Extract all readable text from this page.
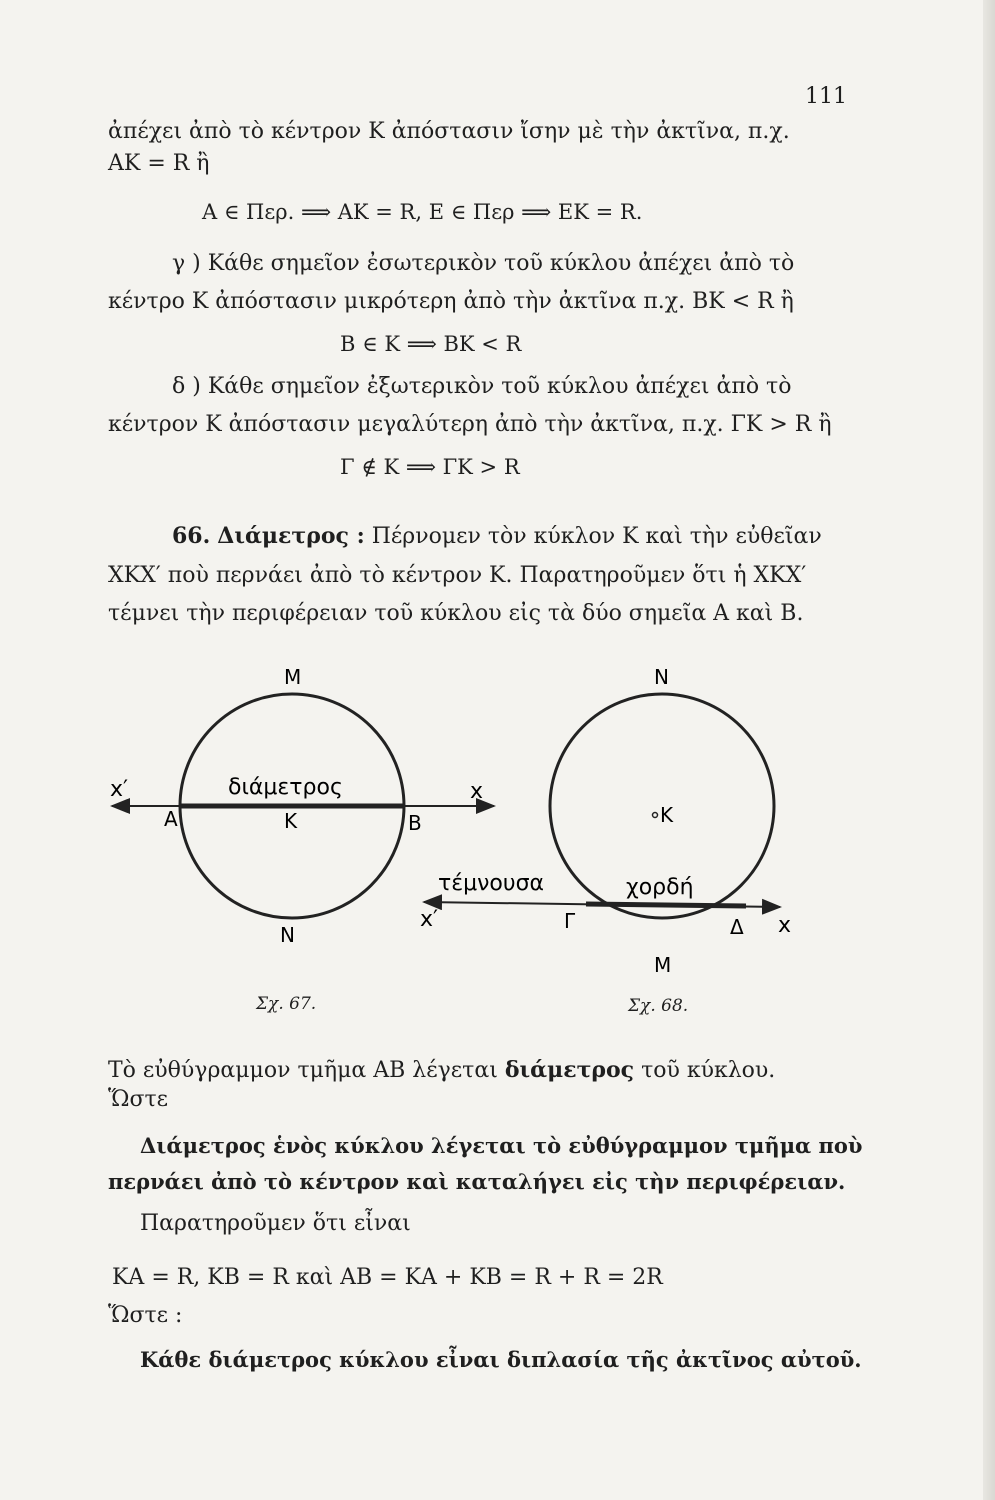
111
ἀπέχει ἀπὸ τὸ κέντρον Κ ἀπόστασιν ἴσην μὲ τὴν ἀκτῖνα, π.χ.
ΑΚ = R ἢ
Α ∈ Περ. ⟹ ΑΚ = R, Ε ∈ Περ ⟹ ΕΚ = R.
γ ) Κάθε σημεῖον ἐσωτερικὸν τοῦ κύκλου ἀπέχει ἀπὸ τὸ
κέντρο Κ ἀπόστασιν μικρότερη ἀπὸ τὴν ἀκτῖνα π.χ. ΒΚ < R ἢ
Β ∈ Κ ⟹ ΒΚ < R
δ ) Κάθε σημεῖον ἐξωτερικὸν τοῦ κύκλου ἀπέχει ἀπὸ τὸ
κέντρον Κ ἀπόστασιν μεγαλύτερη ἀπὸ τὴν ἀκτῖνα, π.χ. ΓΚ > R ἢ
Γ ∉ Κ ⟹ ΓΚ > R
66. Διάμετρος : Πέρνομεν τὸν κύκλον Κ καὶ τὴν εὐθεῖαν
ΧΚΧ′ ποὺ περνάει ἀπὸ τὸ κέντρον Κ. Παρατηροῦμεν ὅτι ἡ ΧΚΧ′
τέμνει τὴν περιφέρειαν τοῦ κύκλου εἰς τὰ δύο σημεῖα Α καὶ Β.
Μ
Ν
x′	x
Α	Β
Κ
διάμετρος
Ν
Μ
Κ
x′	x
Γ	Δ
τέμνουσα	χορδή
Σχ. 67.	Σχ. 68.
Τὸ εὐθύγραμμον τμῆμα ΑΒ λέγεται διάμετρος τοῦ κύκλου.
Ὥστε
Διάμετρος ἑνὸς κύκλου λέγεται τὸ εὐθύγραμμον τμῆμα ποὺ
περνάει ἀπὸ τὸ κέντρον καὶ καταλήγει εἰς τὴν περιφέρειαν.
Παρατηροῦμεν ὅτι εἶναι
ΚΑ = R, ΚΒ = R καὶ ΑΒ = ΚΑ + ΚΒ = R + R = 2R
Ὥστε :
Κάθε διάμετρος κύκλου εἶναι διπλασία τῆς ἀκτῖνος αὐτοῦ.
